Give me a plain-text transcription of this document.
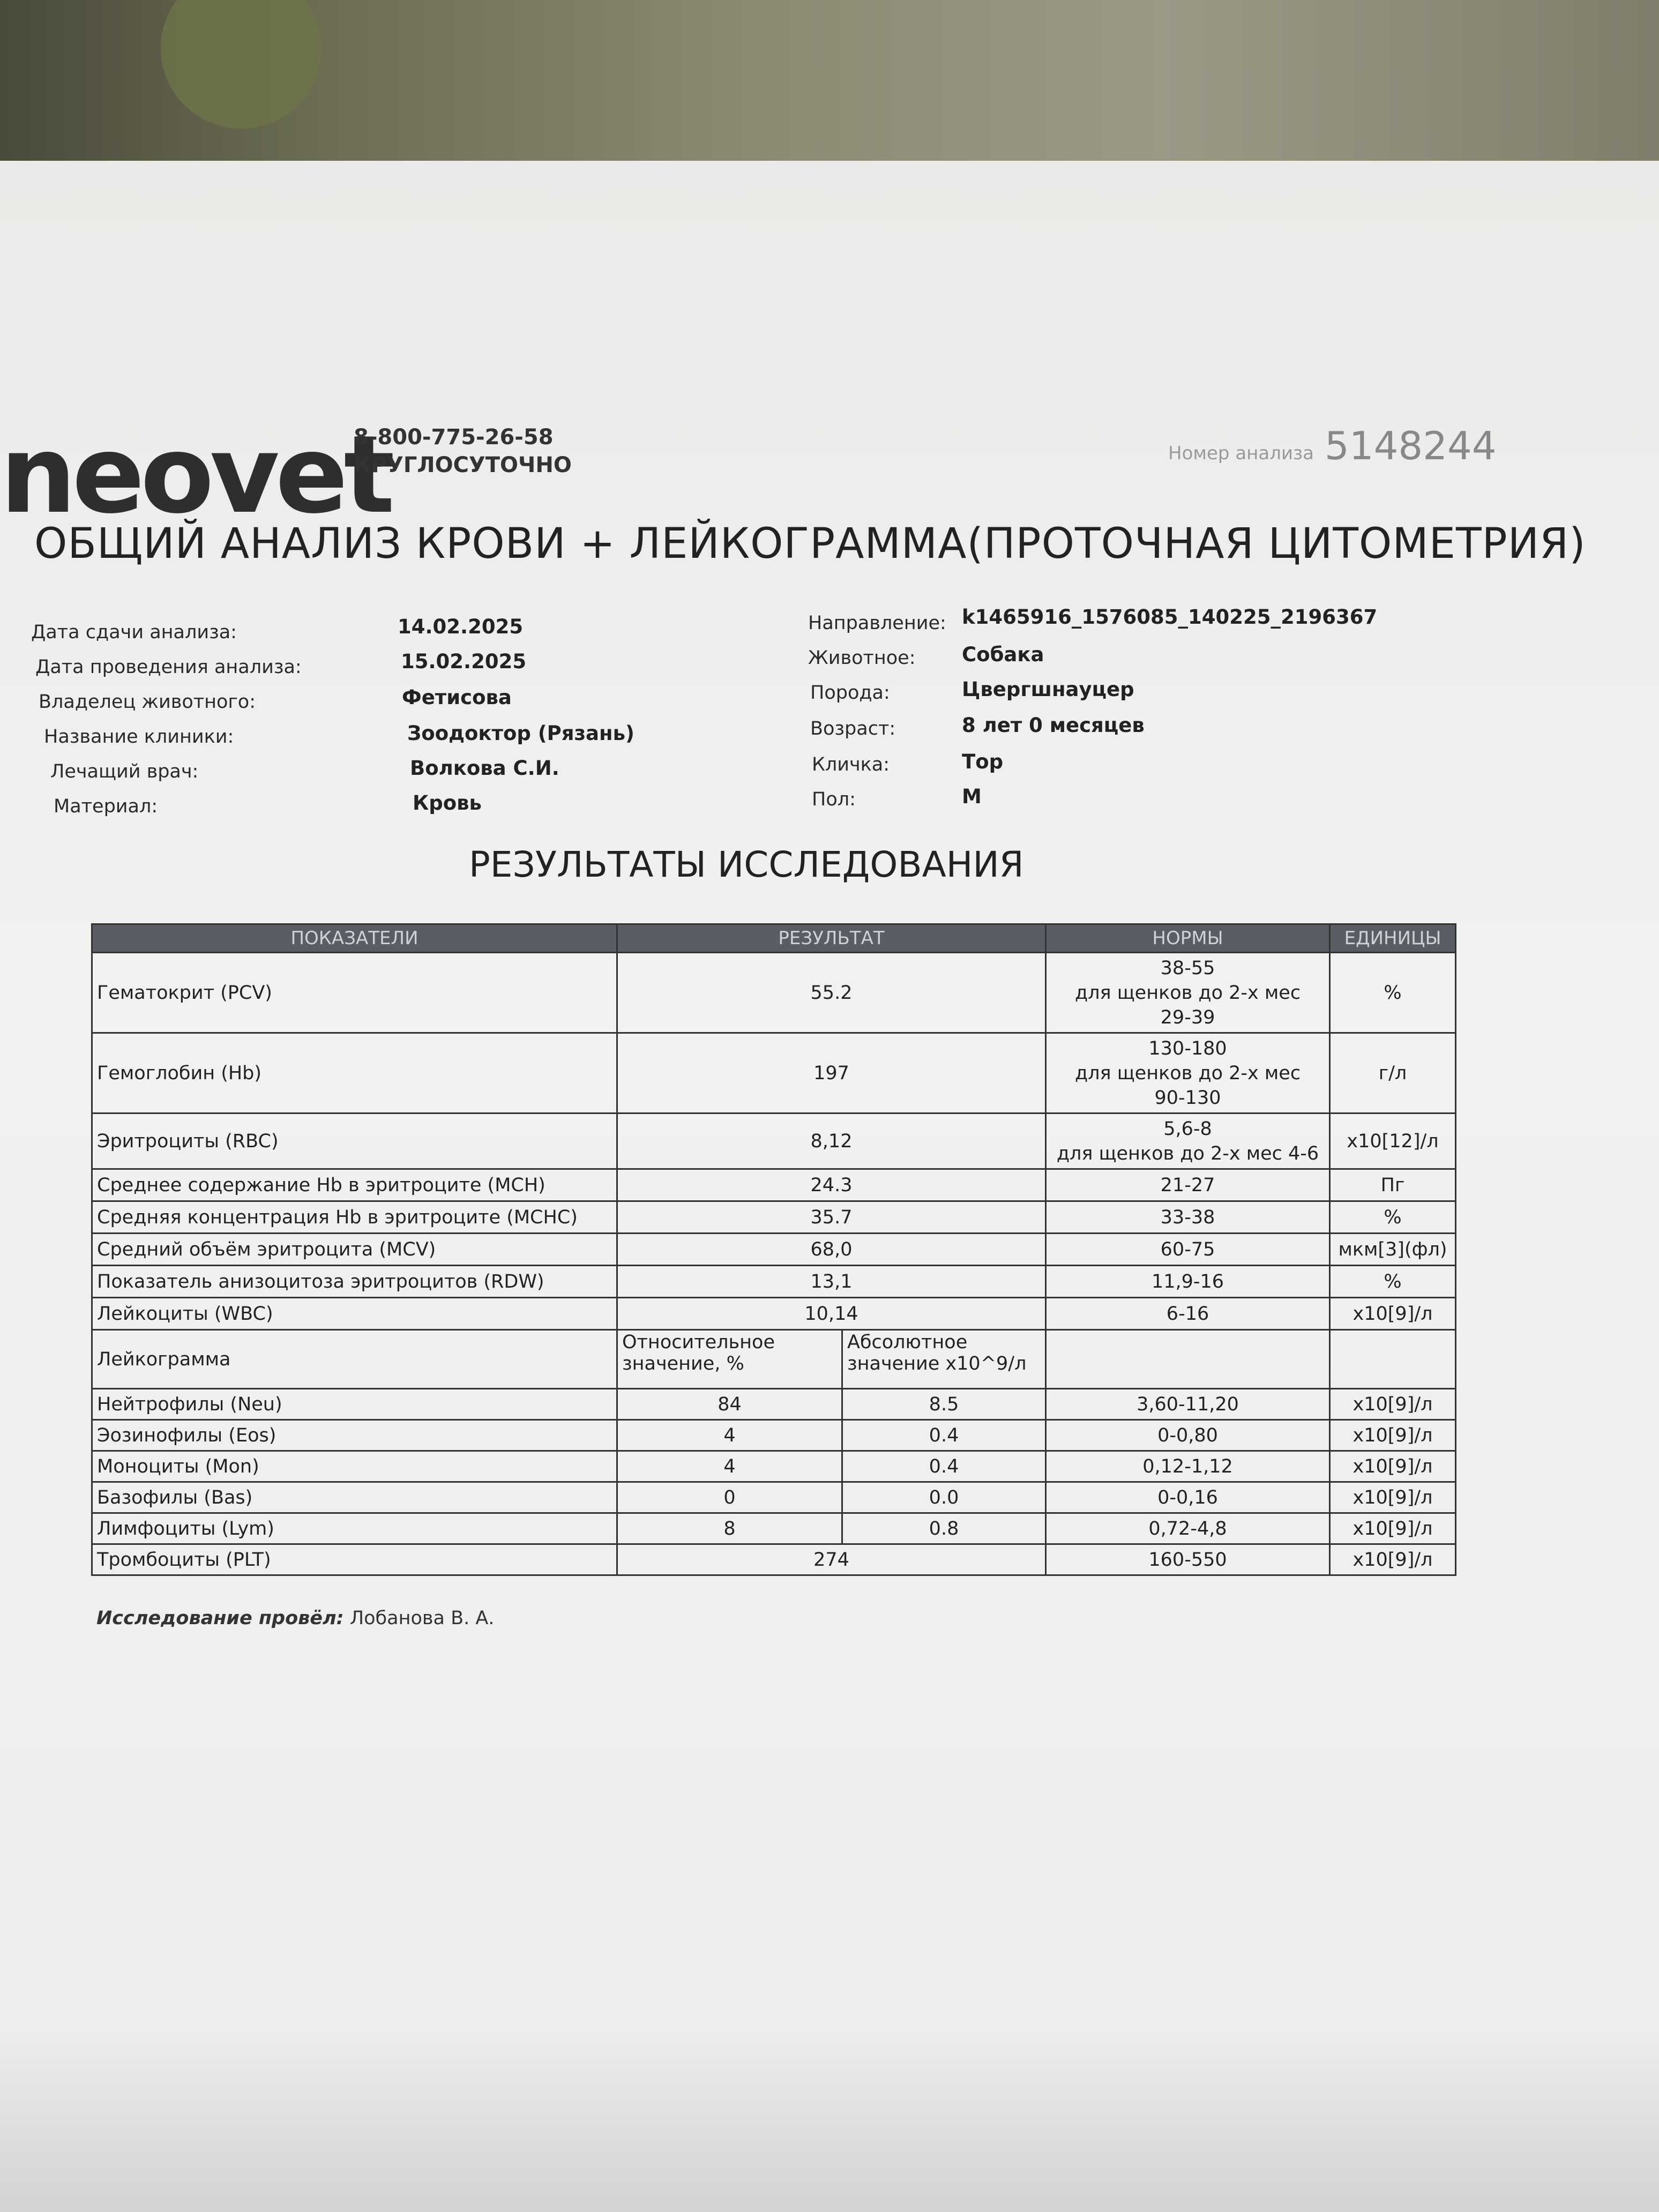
neovet
8-800-775-26-58
КРУГЛОСУТОЧНО	Номер анализа 5148244
ОБЩИЙ АНАЛИЗ КРОВИ + ЛЕЙКОГРАММА(ПРОТОЧНАЯ ЦИТОМЕТРИЯ)
Дата сдачи анализа:	14.02.2025
Дата проведения анализа:	15.02.2025
Владелец животного:	Фетисова
Название клиники:	Зоодоктор (Рязань)
Лечащий врач:	Волкова С.И.
Материал:	Кровь
Направление: k1465916_1576085_140225_2196367
Животное: Собака
Порода:	Цвергшнауцер
Возраст:	8 лет 0 месяцев
Кличка:	Тор
Пол:	М
РЕЗУЛЬТАТЫ ИССЛЕДОВАНИЯ
ПОКАЗАТЕЛИ	РЕЗУЛЬТАТ		НОРМЫ	ЕДИНИЦЫ
Гематокрит (PCV)	55.2		38-55
для щенков до 2-х мес
29-39	%
Гемоглобин (Hb)	197		130-180
для щенков до 2-х мес
90-130	г/л
Эритроциты (RBC)	8,12		5,6-8
для щенков до 2-х мес 4-6	x10[12]/л
Среднее содержание Hb в эритроците (MCH)	24.3		21-27	Пг
Средняя концентрация Hb в эритроците (MCHC)	35.7		33-38	%
Средний объём эритроцита (MCV)	68,0		60-75	мкм[3](фл)
Показатель анизоцитоза эритроцитов (RDW)	13,1		11,9-16	%
Лейкоциты (WBC)	10,14		6-16	x10[9]/л
Лейкограмма	Относительное значение, %	Абсолютное значение x10^9/л		
Нейтрофилы (Neu)	84	8.5	3,60-11,20	x10[9]/л
Эозинофилы (Eos)	4	0.4	0-0,80	x10[9]/л
Моноциты (Mon)	4	0.4	0,12-1,12	x10[9]/л
Базофилы (Bas)	0	0.0	0-0,16	x10[9]/л
Лимфоциты (Lym)	8	0.8	0,72-4,8	x10[9]/л
Тромбоциты (PLT)	274		160-550	x10[9]/л
Исследование провёл: Лобанова В. А.
